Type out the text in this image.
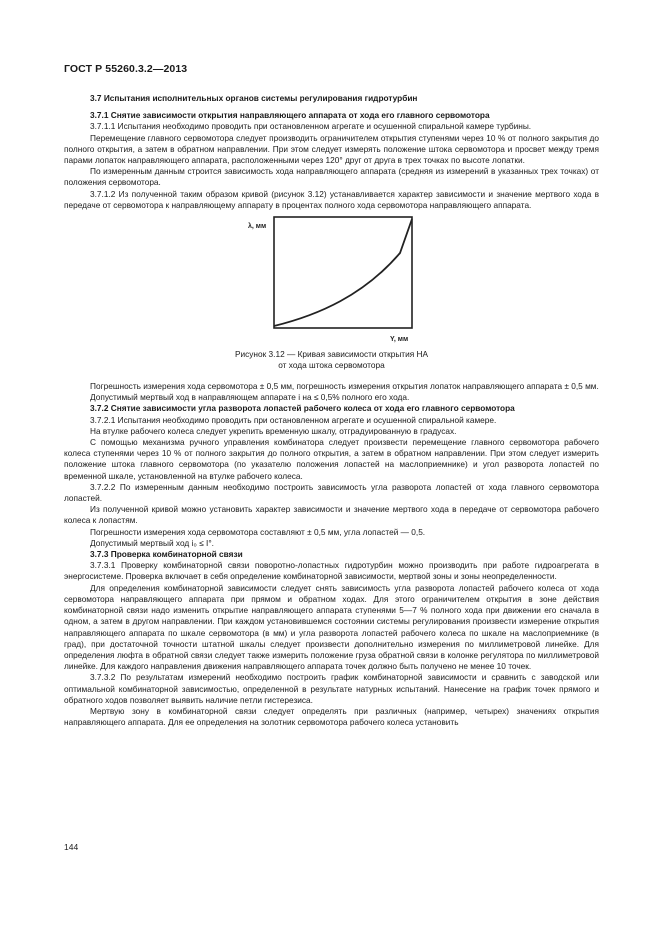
ГОСТ Р 55260.3.2—2013

3.7 Испытания исполнительных органов системы регулирования гидротурбин

3.7.1 Снятие зависимости открытия направляющего аппарата от хода его главного сервомотора

3.7.1.1 Испытания необходимо проводить при остановленном агрегате и осушенной спиральной камере турбины.

Перемещение главного сервомотора следует производить ограничителем открытия ступенями через 10 % от полного закрытия до полного открытия, а затем в обратном направлении. При этом следует измерять положение штока сервомотора и просвет между тремя парами лопаток направляющего аппарата, расположенными через 120° друг от друга в трех точках по высоте лопатки.

По измеренным данным строится зависимость хода направляющего аппарата (средняя из измерений в указанных трех точках) от положения сервомотора.

3.7.1.2 Из полученной таким образом кривой (рисунок 3.12) устанавливается характер зависимости и значение мертвого хода в передаче от сервомотора к направляющему аппарату в процентах полного хода сервомотора направляющего аппарата.

λ, мм
Y, мм
Рисунок 3.12 — Кривая зависимости открытия НА
от хода штока сервомотора

Погрешность измерения хода сервомотора ± 0,5 мм, погрешность измерения открытия лопаток направляющего аппарата ± 0,5 мм.

Допустимый мертвый ход в направляющем аппарате i на ≤ 0,5% полного его хода.

3.7.2 Снятие зависимости угла разворота лопастей рабочего колеса от хода его главного сервомотора

3.7.2.1 Испытания необходимо проводить при остановленном агрегате и осушенной спиральной камере.

На втулке рабочего колеса следует укрепить временную шкалу, отградуированную в градусах.

С помощью механизма ручного управления комбинатора следует произвести перемещение главного сервомотора рабочего колеса ступенями через 10 % от полного закрытия до полного открытия, а затем в обратном направлении. При этом следует измерить положение штока главного сервомотора (по указателю положения лопастей на маслоприемнике) и угол разворота лопастей по временной шкале, установленной на втулке рабочего колеса.

3.7.2.2 По измеренным данным необходимо построить зависимость угла разворота лопастей от хода главного сервомотора лопастей.

Из полученной кривой можно установить характер зависимости и значение мертвого хода в передаче от сервомотора рабочего колеса к лопастям.

Погрешности измерения хода сервомотора составляют ± 0,5 мм, угла лопастей — 0,5.

Допустимый мертвый ход i₀ ≤ I°.

3.7.3 Проверка комбинаторной связи

3.7.3.1 Проверку комбинаторной связи поворотно-лопастных гидротурбин можно производить при работе гидроагрегата в энергосистеме. Проверка включает в себя определение комбинаторной зависимости, мертвой зоны и зоны неопределенности.

Для определения комбинаторной зависимости следует снять зависимость угла разворота лопастей рабочего колеса от хода сервомотора направляющего аппарата при прямом и обратном ходах. Для этого ограничителем открытия в зоне действия комбинаторной связи надо изменить открытие направляющего аппарата ступенями 5—7 % полного хода при движении его сначала в одном, а затем в другом направлении. При каждом установившемся состоянии системы регулирования произвести измерение открытия направляющего аппарата по шкале сервомотора (в мм) и угла разворота лопастей рабочего колеса по шкале на маслоприемнике (в град), при достаточной точности штатной шкалы следует произвести дополнительно измерения по миллиметровой линейке. Для определения люфта в обратной связи следует также измерить положение груза обратной связи в колонке регулятора по миллиметровой линейке. Для каждого направления движения направляющего аппарата точек должно быть получено не менее 10 точек.

3.7.3.2 По результатам измерений необходимо построить график комбинаторной зависимости и сравнить с заводской или оптимальной комбинаторной зависимостью, определенной в результате натурных испытаний. Нанесение на график точек прямого и обратного ходов позволяет выявить наличие петли гистерезиса.

Мертвую зону в комбинаторной связи следует определять при различных (например, четырех) значениях открытия направляющего аппарата. Для ее определения на золотник сервомотора рабочего колеса установить

144
